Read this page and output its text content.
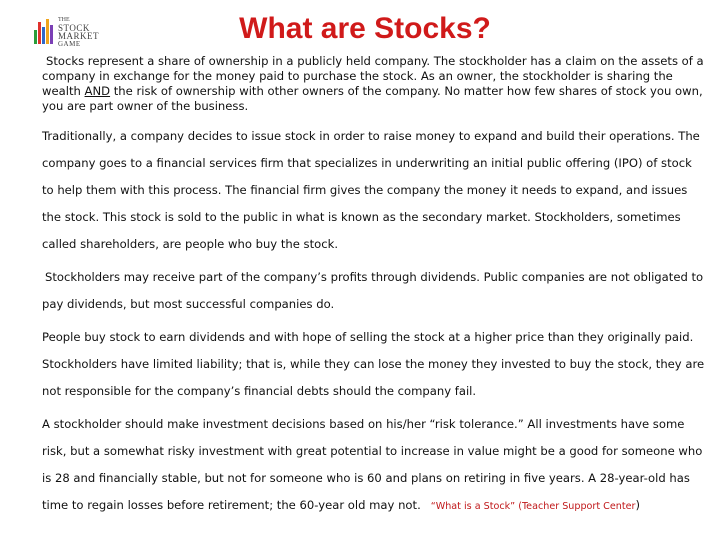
THE
STOCK
MARKET
GAME	What are Stocks?

Stocks represent a share of ownership in a publicly held company. The stockholder has a claim on the assets of a company in exchange for the money paid to purchase the stock. As an owner, the stockholder is sharing the wealth AND the risk of ownership with other owners of the company. No matter how few shares of stock you own, you are part owner of the business.

Traditionally, a company decides to issue stock in order to raise money to expand and build their operations. The company goes to a financial services firm that specializes in underwriting an initial public offering (IPO) of stock to help them with this process. The financial firm gives the company the money it needs to expand, and issues the stock. This stock is sold to the public in what is known as the secondary market. Stockholders, sometimes called shareholders, are people who buy the stock.

Stockholders may receive part of the company’s profits through dividends. Public companies are not obligated to pay dividends, but most successful companies do.

People buy stock to earn dividends and with hope of selling the stock at a higher price than they originally paid. Stockholders have limited liability; that is, while they can lose the money they invested to buy the stock, they are not responsible for the company’s financial debts should the company fail.

A stockholder should make investment decisions based on his/her “risk tolerance.” All investments have some risk, but a somewhat risky investment with great potential to increase in value might be a good for someone who is 28 and financially stable, but not for someone who is 60 and plans on retiring in five years. A 28-year-old has time to regain losses before retirement; the 60-year old may not. “What is a Stock” (Teacher Support Center)
